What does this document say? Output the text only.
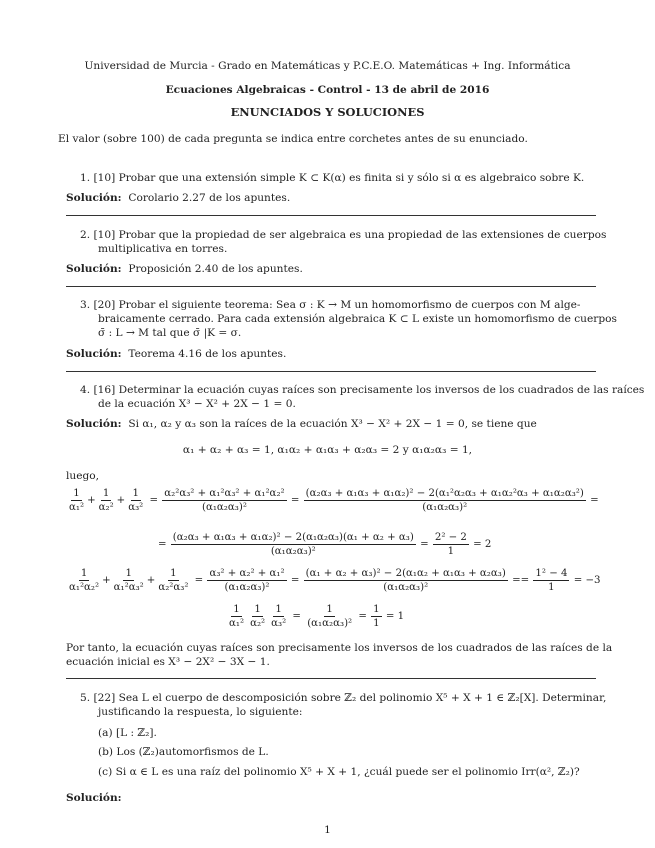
Universidad de Murcia - Grado en Matemáticas y P.C.E.O. Matemáticas + Ing. Informática
Ecuaciones Algebraicas - Control - 13 de abril de 2016
ENUNCIADOS Y SOLUCIONES
El valor (sobre 100) de cada pregunta se indica entre corchetes antes de su enunciado.
1. [10] Probar que una extensión simple K ⊂ K(α) es finita si y sólo si α es algebraico sobre K.
Solución: Corolario 2.27 de los apuntes.
2. [10] Probar que la propiedad de ser algebraica es una propiedad de las extensiones de cuerpos
multiplicativa en torres.
Solución: Proposición 2.40 de los apuntes.
3. [20] Probar el siguiente teorema: Sea σ : K → M un homomorfismo de cuerpos con M alge-
braicamente cerrado. Para cada extensión algebraica K ⊂ L existe un homomorfismo de cuerpos
σ̄ : L → M tal que σ̄ |K = σ.
Solución: Teorema 4.16 de los apuntes.
4. [16] Determinar la ecuación cuyas raíces son precisamente los inversos de los cuadrados de las raíces
de la ecuación X³ − X² + 2X − 1 = 0.
Solución: Si α₁, α₂ y α₃ son la raíces de la ecuación X³ − X² + 2X − 1 = 0, se tiene que
α₁ + α₂ + α₃ = 1, α₁α₂ + α₁α₃ + α₂α₃ = 2 y α₁α₂α₃ = 1,
luego,
$\frac{1}{\text{α₁²}} + \frac{1}{\text{α₂²}} + \frac{1}{\text{α₃²}} = \frac{\text{α₂²α₃² + α₁²α₃² + α₁²α₂²}}{\text{(α₁α₂α₃)²}} = \frac{\text{(α₂α₃ + α₁α₃ + α₁α₂)² − 2(α₁²α₂α₃ + α₁α₂²α₃ + α₁α₂α₃²)}}{\text{(α₁α₂α₃)²}}$ =
= $\frac{\text{(α₂α₃ + α₁α₃ + α₁α₂)² − 2(α₁α₂α₃)(α₁ + α₂ + α₃)}}{\text{(α₁α₂α₃)²}} = \frac{\text{2² − 2}}{1}$
= 2
$\frac{1}{\text{α₁²α₂²}} + \frac{1}{\text{α₁²α₃²}} + \frac{1}{\text{α₂²α₃²}} = \frac{\text{α₃² + α₂² + α₁²}}{\text{(α₁α₂α₃)²}} = \frac{\text{(α₁ + α₂ + α₃)² − 2(α₁α₂ + α₁α₃ + α₂α₃)}}{\text{(α₁α₂α₃)²}} == \frac{\text{1² − 4}}{1}$
= −3
$\frac{1}{\text{α₁²}} \frac{1}{\text{α₂²}} \frac{1}{\text{α₃²}} = \frac{1}{\text{(α₁α₂α₃)²}} = \frac{1}{1}$
= 1
Por tanto, la ecuación cuyas raíces son precisamente los inversos de los cuadrados de las raíces de la
ecuación inicial es X³ − 2X² − 3X − 1.
5. [22] Sea L el cuerpo de descomposición sobre ℤ₂ del polinomio X⁵ + X + 1 ∈ ℤ₂[X]. Determinar,
justificando la respuesta, lo siguiente:
(a) [L : ℤ₂].
(b) Los (ℤ₂)automorfismos de L.
(c) Si α ∈ L es una raíz del polinomio X⁵ + X + 1, ¿cuál puede ser el polinomio Irr(α², ℤ₂)?
Solución:
1
